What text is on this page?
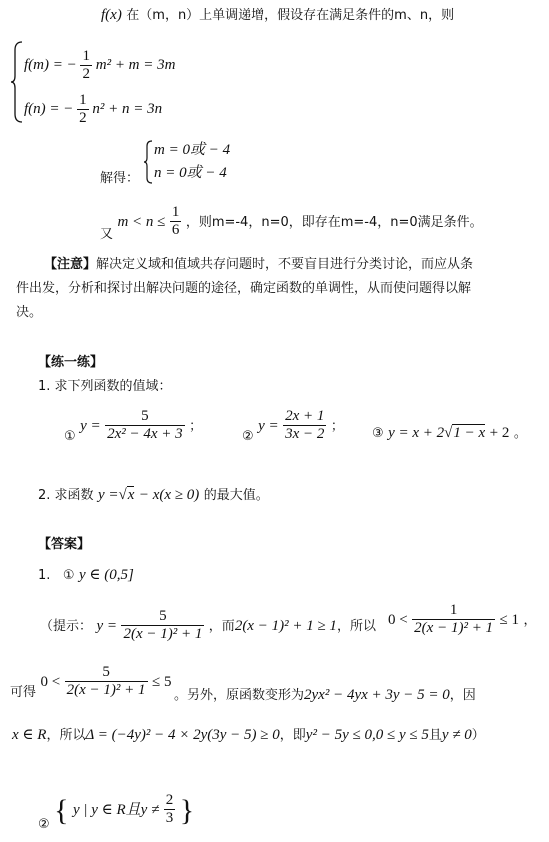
f(x) 在（m，n）上单调递增，假设存在满足条件的m、n，则
f(m) = − $\frac{1}{2} m^2 + m = 3m$
f(n) = − $\frac{1}{2} n^2 + n = 3n$
解得：
m = 0或 − 4
n = 0或 − 4
又 $m < n \le \frac{1}{6}$ ，则m=-4，n=0，即存在m=-4，n=0满足条件。
【注意】解决定义域和值域共存问题时，不要盲目进行分类讨论，而应从条
件出发，分析和探讨出解决问题的途径，确定函数的单调性，从而使问题得以解
决。
【练一练】
1. 求下列函数的值域：
① $y = \frac{5}{\text{2x² − 4x + 3}}$ ；
② $y = \frac{2x + 1}{3x - 2}$ ； ③ y = x + 2√1 − x + 2 。
2. 求函数 y =√x − x(x ≥ 0) 的最大值。
【答案】
1. ① y ∈ (0,5]
（提示： $y = \frac{5}{\text{2(x − 1)² + 1}}$ ，而2(x − 1)² + 1 ≥ 1，所以 $0 < \frac{1}{\text{2(x − 1)² + 1}} \le 1$ ，
可得 $0 < \frac{5}{\text{2(x − 1)² + 1}} \le 5$
。另外，原函数变形为2yx² − 4yx + 3y − 5 = 0，因
x ∈ R，所以Δ = (−4y)² − 4 × 2y(3y − 5) ≥ 0，即y² − 5y ≤ 0,0 ≤ y ≤ 5且y ≠ 0）
② { y | y ∈ R且$y \ne \frac{2}{3}$ }
